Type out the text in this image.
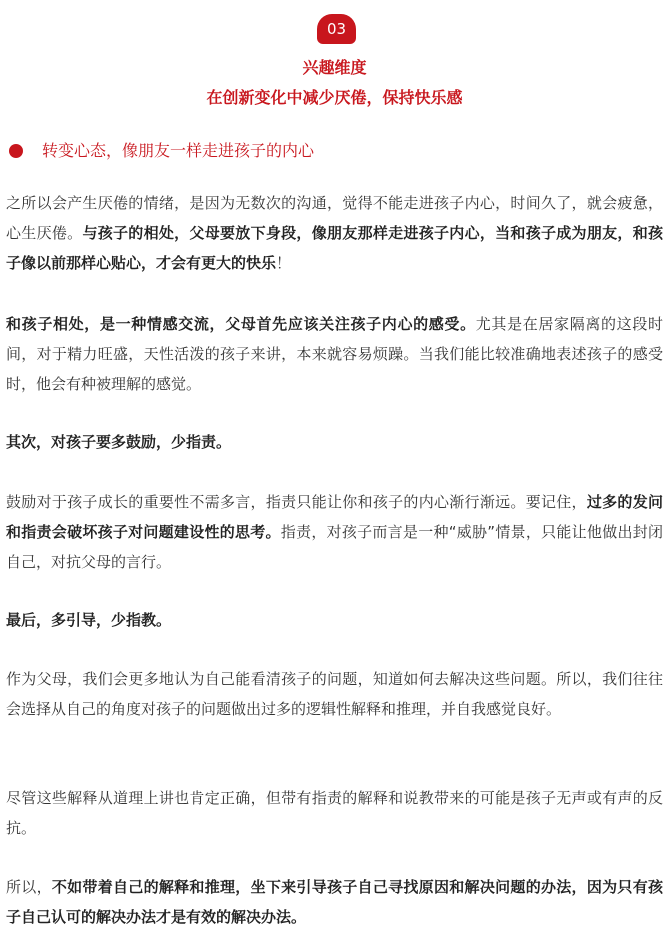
03
兴趣维度
在创新变化中减少厌倦，保持快乐感
转变心态，像朋友一样走进孩子的内心

之所以会产生厌倦的情绪，是因为无数次的沟通，觉得不能走进孩子内心，时间久了，就会疲惫，心生厌倦。与孩子的相处，父母要放下身段，像朋友那样走进孩子内心，当和孩子成为朋友，和孩子像以前那样心贴心，才会有更大的快乐！

和孩子相处，是一种情感交流，父母首先应该关注孩子内心的感受。尤其是在居家隔离的这段时间，对于精力旺盛，天性活泼的孩子来讲，本来就容易烦躁。当我们能比较准确地表述孩子的感受时，他会有种被理解的感觉。

其次，对孩子要多鼓励，少指责。

鼓励对于孩子成长的重要性不需多言，指责只能让你和孩子的内心渐行渐远。要记住，过多的发问和指责会破坏孩子对问题建设性的思考。指责，对孩子而言是一种“威胁”情景，只能让他做出封闭自己，对抗父母的言行。

最后，多引导，少指教。

作为父母，我们会更多地认为自己能看清孩子的问题，知道如何去解决这些问题。所以，我们往往会选择从自己的角度对孩子的问题做出过多的逻辑性解释和推理，并自我感觉良好。

尽管这些解释从道理上讲也肯定正确，但带有指责的解释和说教带来的可能是孩子无声或有声的反抗。

所以，不如带着自己的解释和推理，坐下来引导孩子自己寻找原因和解决问题的办法，因为只有孩子自己认可的解决办法才是有效的解决办法。
